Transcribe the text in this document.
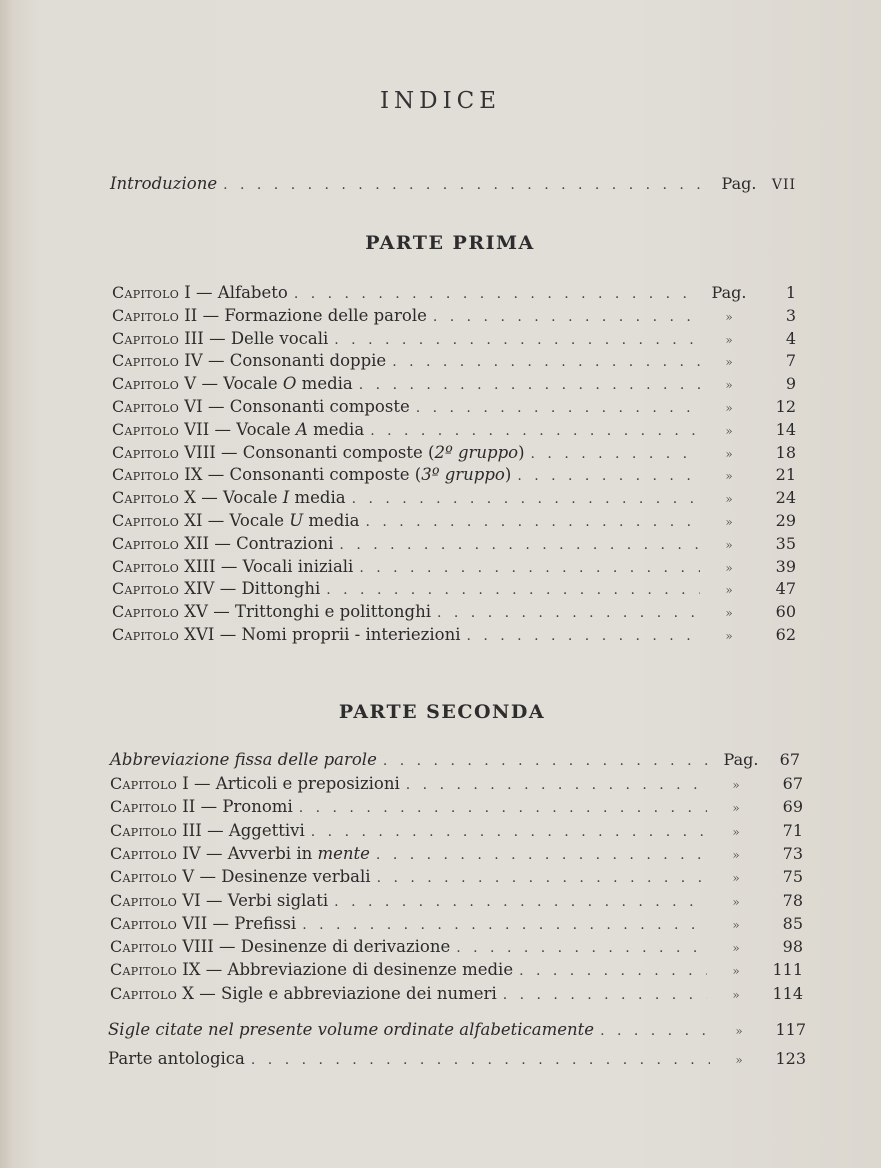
INDICE
Introduzione . . .	Pag.	VII
PARTE PRIMA
Capitolo I — Alfabeto . . .	Pag.	1
Capitolo II — Formazione delle parole . . .	»	3
Capitolo III — Delle vocali . . .	»	4
Capitolo IV — Consonanti doppie . . .	»	7
Capitolo V — Vocale O media . . .	»	9
Capitolo VI — Consonanti composte . . .	»	12
Capitolo VII — Vocale A media . . .	»	14
Capitolo VIII — Consonanti composte (2º gruppo) . . .	»	18
Capitolo IX — Consonanti composte (3º gruppo) . . .	»	21
Capitolo X — Vocale I media . . .	»	24
Capitolo XI — Vocale U media . . .	»	29
Capitolo XII — Contrazioni . . .	»	35
Capitolo XIII — Vocali iniziali . . .	»	39
Capitolo XIV — Dittonghi . . .	»	47
Capitolo XV — Trittonghi e polittonghi . . .	»	60
Capitolo XVI — Nomi proprii - interiezioni . . .	»	62
PARTE SECONDA
Abbreviazione fissa delle parole . . .	Pag.	67
Capitolo I — Articoli e preposizioni . . .	»	67
Capitolo II — Pronomi . . .	»	69
Capitolo III — Aggettivi . . .	»	71
Capitolo IV — Avverbi in mente . . .	»	73
Capitolo V — Desinenze verbali . . .	»	75
Capitolo VI — Verbi siglati . . .	»	78
Capitolo VII — Prefissi . . .	»	85
Capitolo VIII — Desinenze di derivazione . . .	»	98
Capitolo IX — Abbreviazione di desinenze medie . . .	»	111
Capitolo X — Sigle e abbreviazione dei numeri . . .	»	114
Sigle citate nel presente volume ordinate alfabeticamente . . .	»	117
Parte antologica . . .	»	123
